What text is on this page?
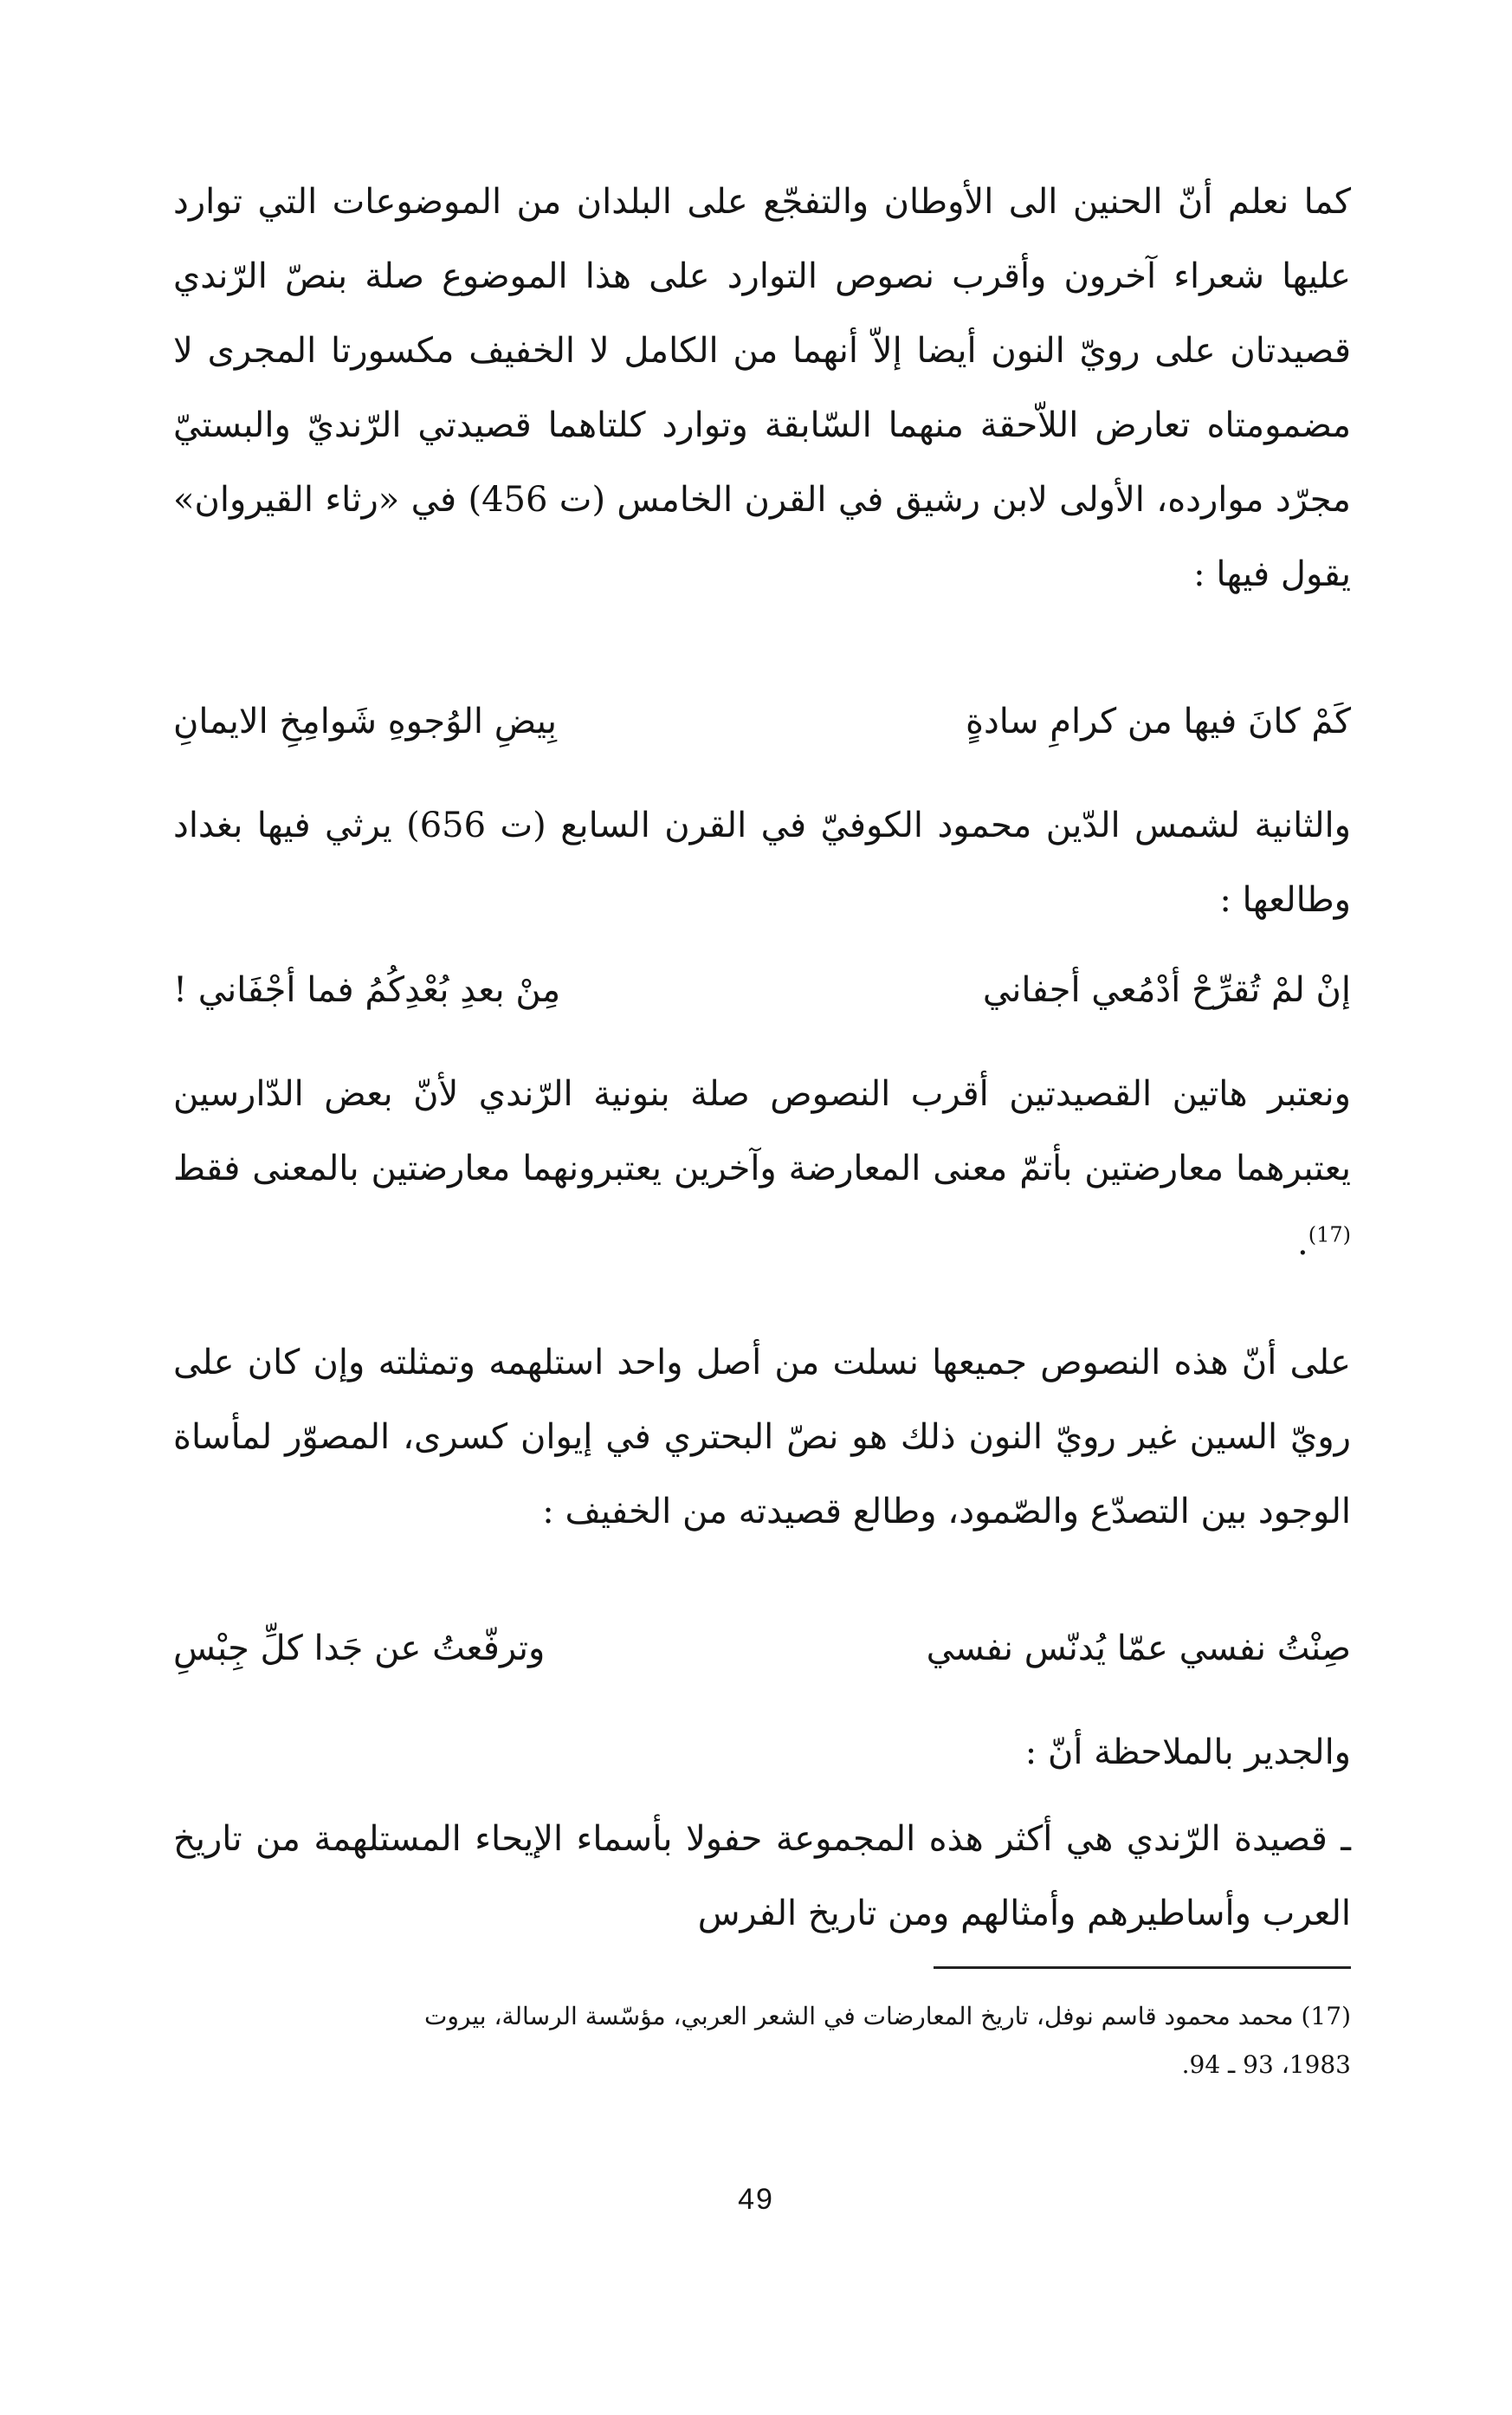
كما نعلم أنّ الحنين الى الأوطان والتفجّع على البلدان من الموضوعات التي توارد عليها شعراء آخرون وأقرب نصوص التوارد على هذا الموضوع صلة بنصّ الرّندي قصيدتان على رويّ النون أيضا إلاّ أنهما من الكامل لا الخفيف مكسورتا المجرى لا مضمومتاه تعارض اللاّحقة منهما السّابقة وتوارد كلتاهما قصيدتي الرّنديّ والبستيّ مجرّد موارده، الأولى لابن رشيق في القرن الخامس (ت 456) في «رثاء القيروان» يقول فيها :

كَمْ كانَ فيها من كرامِ سادةٍ
بِيضِ الوُجوهِ شَوامِخِ الايمانِ

والثانية لشمس الدّين محمود الكوفيّ في القرن السابع (ت 656) يرثي فيها بغداد وطالعها :

إنْ لمْ تُقرِّحْ أدْمُعي أجفاني
مِنْ بعدِ بُعْدِكُمُ فما أجْفَاني !

ونعتبر هاتين القصيدتين أقرب النصوص صلة بنونية الرّندي لأنّ بعض الدّارسين يعتبرهما معارضتين بأتمّ معنى المعارضة وآخرين يعتبرونهما معارضتين بالمعنى فقط $^{(17)}$.

على أنّ هذه النصوص جميعها نسلت من أصل واحد استلهمه وتمثلته وإن كان على رويّ السين غير رويّ النون ذلك هو نصّ البحتري في إيوان كسرى، المصوّر لمأساة الوجود بين التصدّع والصّمود، وطالع قصيدته من الخفيف :

صِنْتُ نفسي عمّا يُدنّس نفسي
وترفّعتُ عن جَدا كلِّ جِبْسِ

والجدير بالملاحظة أنّ :

ـ قصيدة الرّندي هي أكثر هذه المجموعة حفولا بأسماء الإيحاء المستلهمة من تاريخ العرب وأساطيرهم وأمثالهم ومن تاريخ الفرس

(17) محمد محمود قاسم نوفل، تاريخ المعارضات في الشعر العربي، مؤسّسة الرسالة، بيروت

1983، 93 ـ 94.

49
